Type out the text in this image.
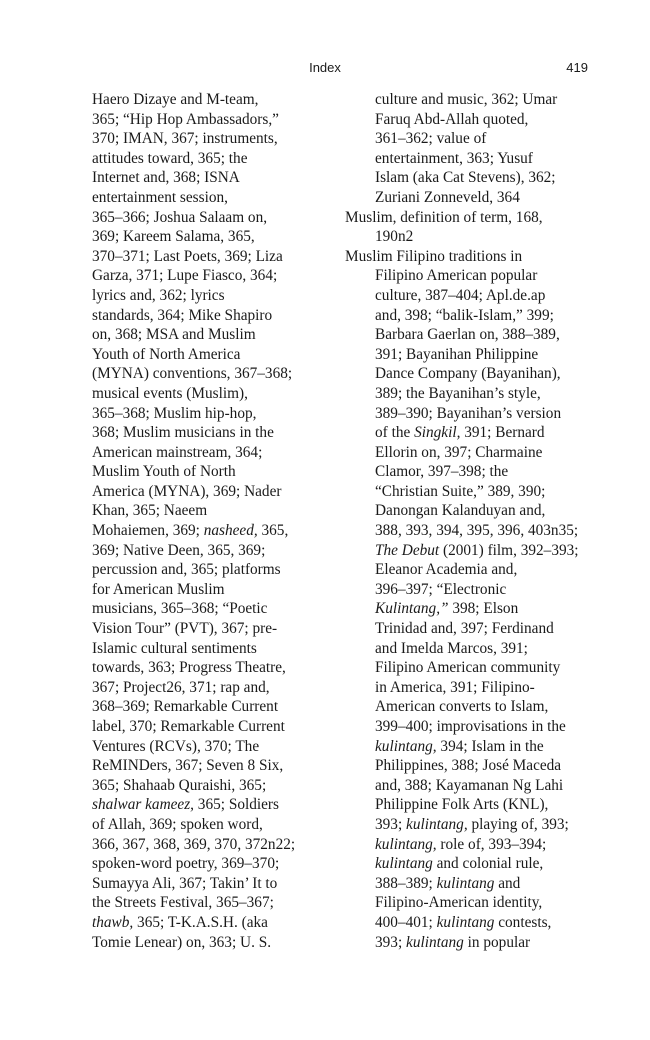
Index	419
Haero Dizaye and M-team,
365; “Hip Hop Ambassadors,”
370; IMAN, 367; instruments,
attitudes toward, 365; the
Internet and, 368; ISNA
entertainment session,
365–366; Joshua Salaam on,
369; Kareem Salama, 365,
370–371; Last Poets, 369; Liza
Garza, 371; Lupe Fiasco, 364;
lyrics and, 362; lyrics
standards, 364; Mike Shapiro
on, 368; MSA and Muslim
Youth of North America
(MYNA) conventions, 367–368;
musical events (Muslim),
365–368; Muslim hip-hop,
368; Muslim musicians in the
American mainstream, 364;
Muslim Youth of North
America (MYNA), 369; Nader
Khan, 365; Naeem
Mohaiemen, 369; nasheed, 365,
369; Native Deen, 365, 369;
percussion and, 365; platforms
for American Muslim
musicians, 365–368; “Poetic
Vision Tour” (PVT), 367; pre-
Islamic cultural sentiments
towards, 363; Progress Theatre,
367; Project26, 371; rap and,
368–369; Remarkable Current
label, 370; Remarkable Current
Ventures (RCVs), 370; The
ReMINDers, 367; Seven 8 Six,
365; Shahaab Quraishi, 365;
shalwar kameez, 365; Soldiers
of Allah, 369; spoken word,
366, 367, 368, 369, 370, 372n22;
spoken-word poetry, 369–370;
Sumayya Ali, 367; Takin’ It to
the Streets Festival, 365–367;
thawb, 365; T-K.A.S.H. (aka
Tomie Lenear) on, 363; U. S.
culture and music, 362; Umar
Faruq Abd-Allah quoted,
361–362; value of
entertainment, 363; Yusuf
Islam (aka Cat Stevens), 362;
Zuriani Zonneveld, 364
Muslim, definition of term, 168,
190n2
Muslim Filipino traditions in
Filipino American popular
culture, 387–404; Apl.de.ap
and, 398; “balik-Islam,” 399;
Barbara Gaerlan on, 388–389,
391; Bayanihan Philippine
Dance Company (Bayanihan),
389; the Bayanihan’s style,
389–390; Bayanihan’s version
of the Singkil, 391; Bernard
Ellorin on, 397; Charmaine
Clamor, 397–398; the
“Christian Suite,” 389, 390;
Danongan Kalanduyan and,
388, 393, 394, 395, 396, 403n35;
The Debut (2001) film, 392–393;
Eleanor Academia and,
396–397; “Electronic
Kulintang,” 398; Elson
Trinidad and, 397; Ferdinand
and Imelda Marcos, 391;
Filipino American community
in America, 391; Filipino-
American converts to Islam,
399–400; improvisations in the
kulintang, 394; Islam in the
Philippines, 388; José Maceda
and, 388; Kayamanan Ng Lahi
Philippine Folk Arts (KNL),
393; kulintang, playing of, 393;
kulintang, role of, 393–394;
kulintang and colonial rule,
388–389; kulintang and
Filipino-American identity,
400–401; kulintang contests,
393; kulintang in popular
